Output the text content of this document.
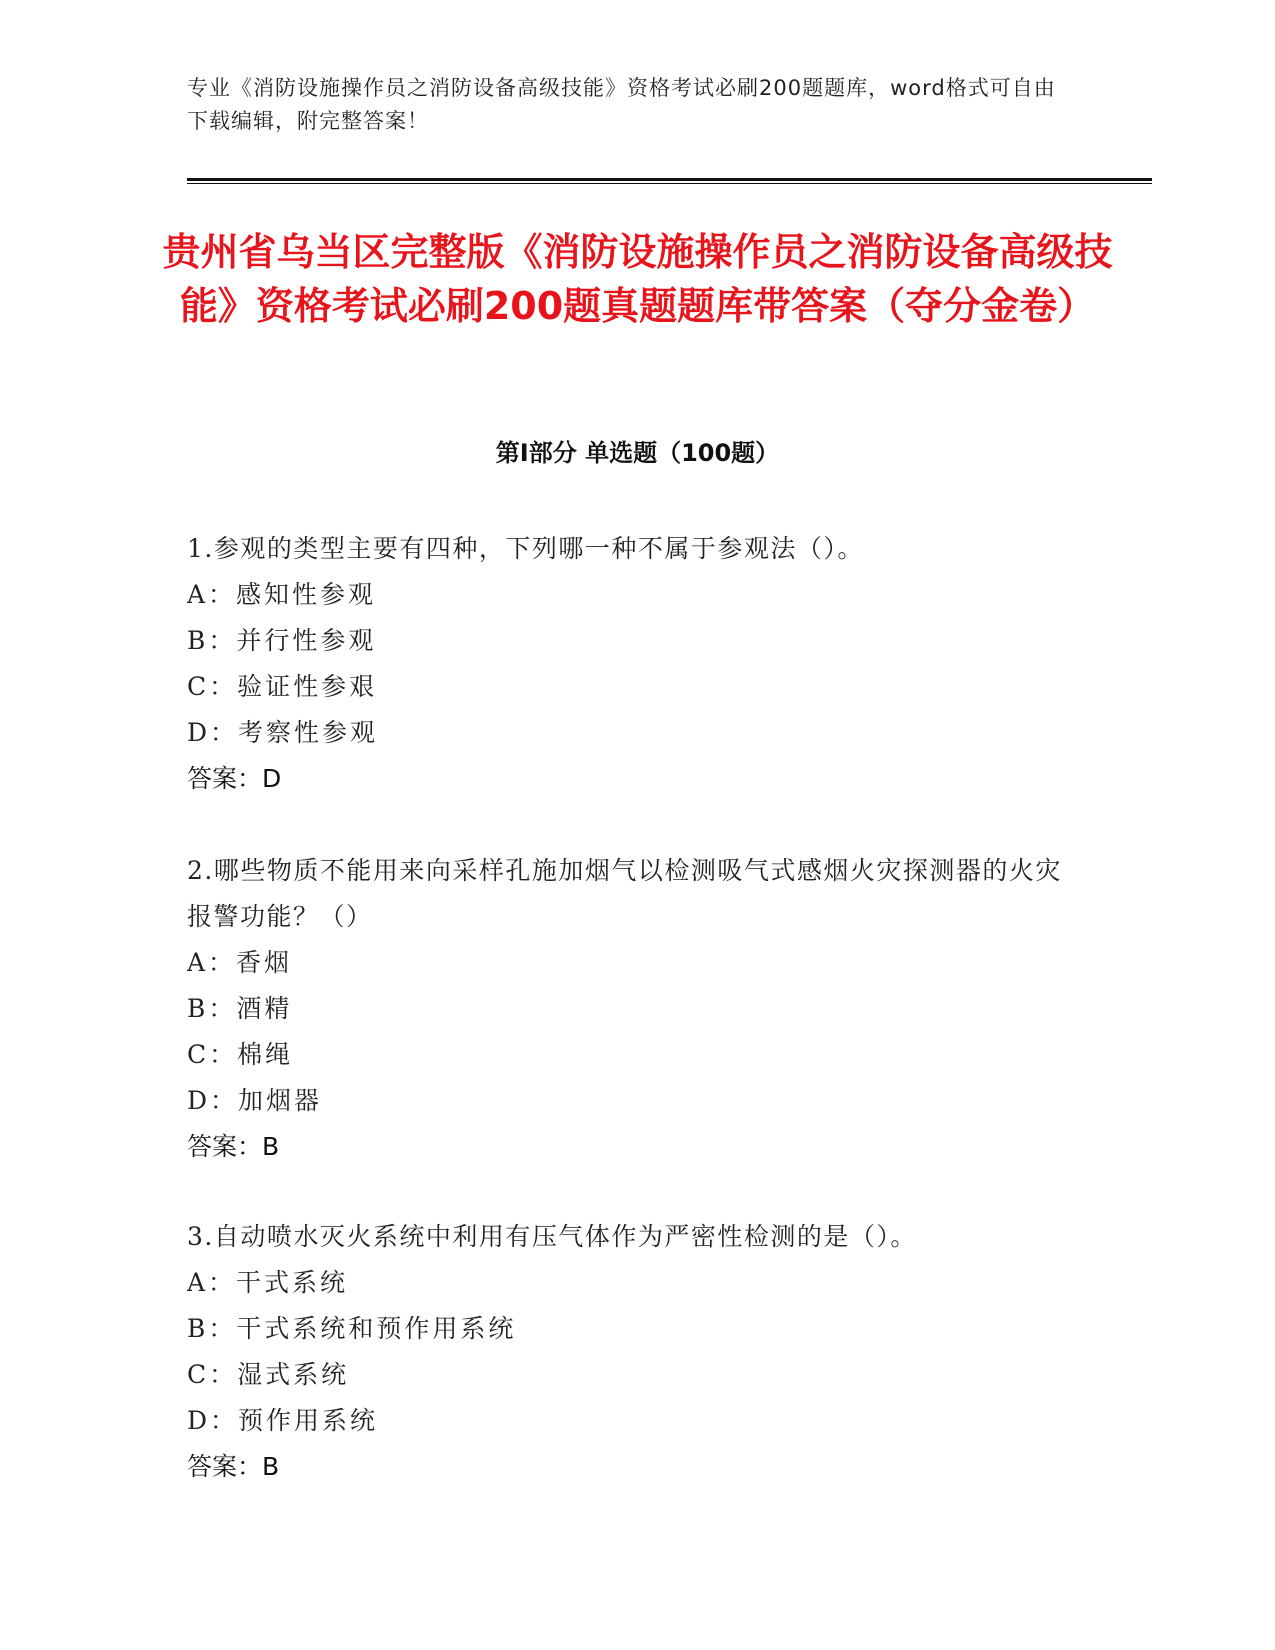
专业《消防设施操作员之消防设备高级技能》资格考试必刷200题题库，word格式可自由下载编辑，附完整答案！
贵州省乌当区完整版《消防设施操作员之消防设备高级技能》资格考试必刷200题真题题库带答案（夺分金卷）
第Ⅰ部分 单选题（100题）
1.参观的类型主要有四种，下列哪一种不属于参观法（）。
A：感知性参观
B：并行性参观
C：验证性参艰
D：考察性参观
答案：D
2.哪些物质不能用来向采样孔施加烟气以检测吸气式感烟火灾探测器的火灾报警功能？（）
A：香烟
B：酒精
C：棉绳
D：加烟器
答案：B
3.自动喷水灭火系统中利用有压气体作为严密性检测的是（）。
A：干式系统
B：干式系统和预作用系统
C：湿式系统
D：预作用系统
答案：B
